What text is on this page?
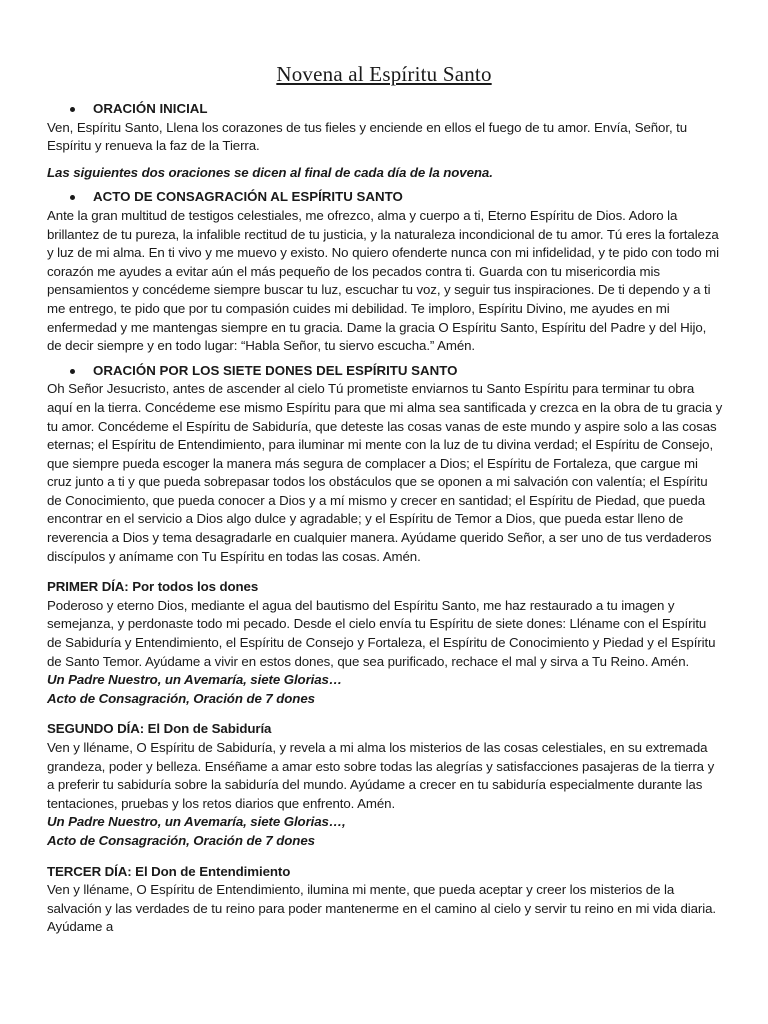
Novena al Espíritu Santo
ORACIÓN INICIAL

Ven, Espíritu Santo, Llena los corazones de tus fieles y enciende en ellos el fuego de tu amor. Envía, Señor, tu Espíritu y renueva la faz de la Tierra.

Las siguientes dos oraciones se dicen al final de cada día de la novena.

ACTO DE CONSAGRACIÓN AL ESPÍRITU SANTO

Ante la gran multitud de testigos celestiales, me ofrezco, alma y cuerpo a ti, Eterno Espíritu de Dios. Adoro la brillantez de tu pureza, la infalible rectitud de tu justicia, y la naturaleza incondicional de tu amor. Tú eres la fortaleza y luz de mi alma. En ti vivo y me muevo y existo. No quiero ofenderte nunca con mi infidelidad, y te pido con todo mi corazón me ayudes a evitar aún el más pequeño de los pecados contra ti. Guarda con tu misericordia mis pensamientos y concédeme siempre buscar tu luz, escuchar tu voz, y seguir tus inspiraciones. De ti dependo y a ti me entrego, te pido que por tu compasión cuides mi debilidad. Te imploro, Espíritu Divino, me ayudes en mi enfermedad y me mantengas siempre en tu gracia. Dame la gracia O Espíritu Santo, Espíritu del Padre y del Hijo, de decir siempre y en todo lugar: “Habla Señor, tu siervo escucha.” Amén.

ORACIÓN POR LOS SIETE DONES DEL ESPÍRITU SANTO

Oh Señor Jesucristo, antes de ascender al cielo Tú prometiste enviarnos tu Santo Espíritu para terminar tu obra aquí en la tierra. Concédeme ese mismo Espíritu para que mi alma sea santificada y crezca en la obra de tu gracia y tu amor. Concédeme el Espíritu de Sabiduría, que deteste las cosas vanas de este mundo y aspire solo a las cosas eternas; el Espíritu de Entendimiento, para iluminar mi mente con la luz de tu divina verdad; el Espíritu de Consejo, que siempre pueda escoger la manera más segura de complacer a Dios; el Espíritu de Fortaleza, que cargue mi cruz junto a ti y que pueda sobrepasar todos los obstáculos que se oponen a mi salvación con valentía; el Espíritu de Conocimiento, que pueda conocer a Dios y a mí mismo y crecer en santidad; el Espíritu de Piedad, que pueda encontrar en el servicio a Dios algo dulce y agradable; y el Espíritu de Temor a Dios, que pueda estar lleno de reverencia a Dios y tema desagradarle en cualquier manera. Ayúdame querido Señor, a ser uno de tus verdaderos discípulos y anímame con Tu Espíritu en todas las cosas. Amén.

PRIMER DÍA: Por todos los dones

Poderoso y eterno Dios, mediante el agua del bautismo del Espíritu Santo, me haz restaurado a tu imagen y semejanza, y perdonaste todo mi pecado. Desde el cielo envía tu Espíritu de siete dones: Lléname con el Espíritu de Sabiduría y Entendimiento, el Espíritu de Consejo y Fortaleza, el Espíritu de Conocimiento y Piedad y el Espíritu de Santo Temor. Ayúdame a vivir en estos dones, que sea purificado, rechace el mal y sirva a Tu Reino. Amén.

Un Padre Nuestro, un Avemaría, siete Glorias…

Acto de Consagración, Oración de 7 dones

SEGUNDO DÍA: El Don de Sabiduría

Ven y lléname, O Espíritu de Sabiduría, y revela a mi alma los misterios de las cosas celestiales, en su extremada grandeza, poder y belleza. Enséñame a amar esto sobre todas las alegrías y satisfacciones pasajeras de la tierra y a preferir tu sabiduría sobre la sabiduría del mundo. Ayúdame a crecer en tu sabiduría especialmente durante las tentaciones, pruebas y los retos diarios que enfrento. Amén.

Un Padre Nuestro, un Avemaría, siete Glorias…,

Acto de Consagración, Oración de 7 dones

TERCER DÍA: El Don de Entendimiento

Ven y lléname, O Espíritu de Entendimiento, ilumina mi mente, que pueda aceptar y creer los misterios de la salvación y las verdades de tu reino para poder mantenerme en el camino al cielo y servir tu reino en mi vida diaria. Ayúdame a
